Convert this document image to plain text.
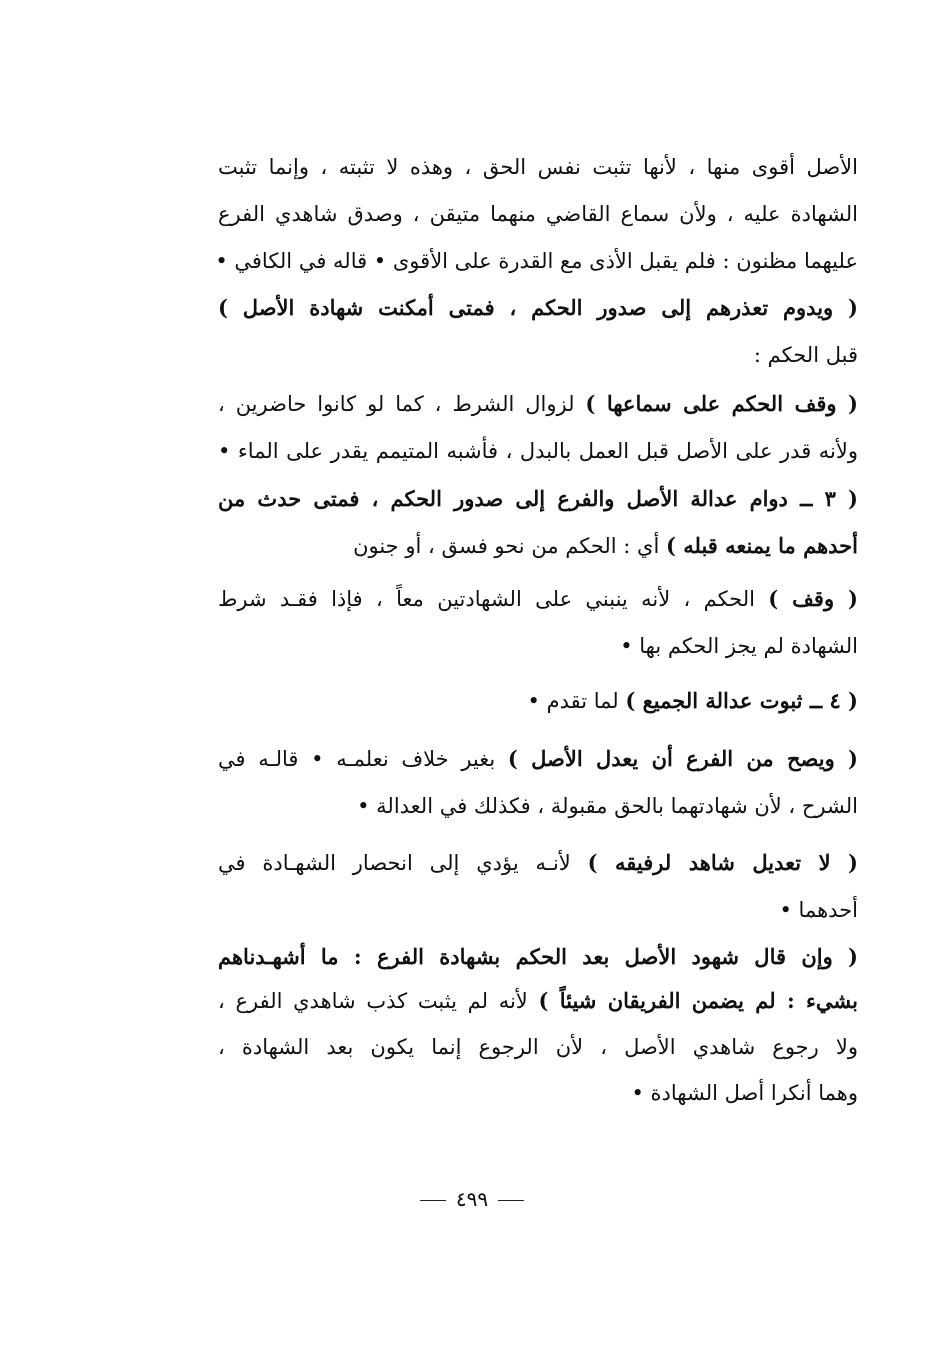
الأصل أقوى منها ، لأنها تثبت نفس الحق ، وهذه لا تثبته ، وإنما تثبت
الشهادة عليه ، ولأن سماع القاضي منهما متيقن ، وصدق شاهدي الفرع
عليهما مظنون : فلم يقبل الأذى مع القدرة على الأقوى • قاله في الكافي •
( ويدوم تعذرهم إلى صدور الحكم ، فمتى أمكنت شهادة الأصل )
قبل الحكم :
( وقف الحكم على سماعها ) لزوال الشرط ، كما لو كانوا حاضرين ،
ولأنه قدر على الأصل قبل العمل بالبدل ، فأشبه المتيمم يقدر على الماء •
( ٣ ــ دوام عدالة الأصل والفرع إلى صدور الحكم ، فمتى حدث من
أحدهم ما يمنعه قبله ) أي : الحكم من نحو فسق ، أو جنون
( وقف ) الحكم ، لأنه ينبني على الشهادتين معاً ، فإذا فقـد شرط
الشهادة لم يجز الحكم بها •
( ٤ ــ ثبوت عدالة الجميع ) لما تقدم •
( ويصح من الفرع أن يعدل الأصل ) بغير خلاف نعلمـه • قالـه في
الشرح ، لأن شهادتهما بالحق مقبولة ، فكذلك في العدالة •
( لا تعديل شاهد لرفيقه ) لأنـه يؤدي إلى انحصار الشهـادة في
أحدهما •
( وإن قال شهود الأصل بعد الحكم بشهادة الفرع : ما أشهـدناهم
بشيء : لم يضمن الفريقان شيئاً ) لأنه لم يثبت كذب شاهدي الفرع ،
ولا رجوع شاهدي الأصل ، لأن الرجوع إنما يكون بعد الشهادة ،
وهما أنكرا أصل الشهادة •
٤٩٩
